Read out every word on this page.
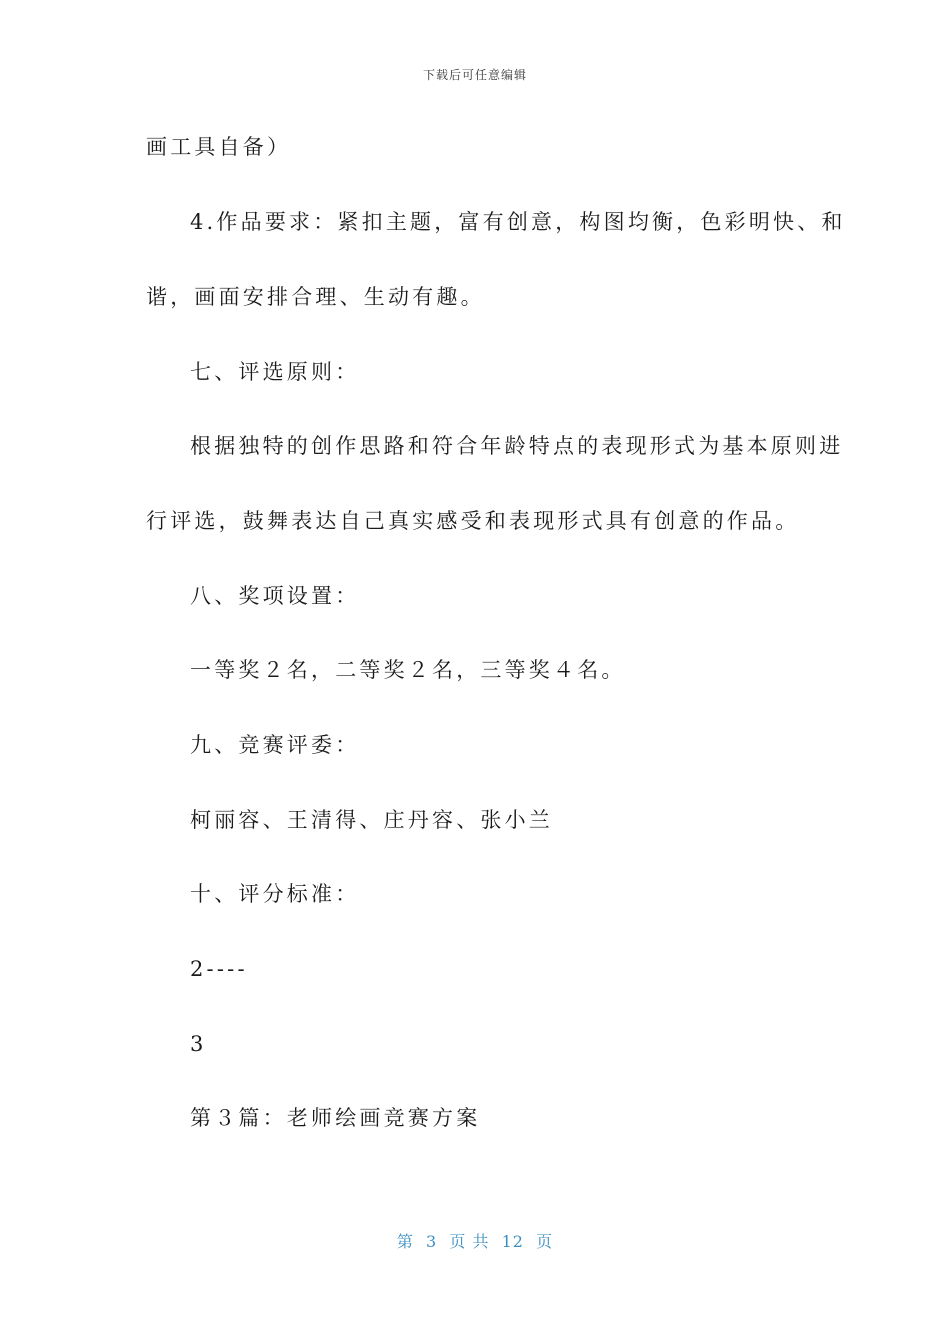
下载后可任意编辑
画工具自备）
4.作品要求：紧扣主题，富有创意，构图均衡，色彩明快、和
谐，画面安排合理、生动有趣。
七、评选原则：
根据独特的创作思路和符合年龄特点的表现形式为基本原则进
行评选，鼓舞表达自己真实感受和表现形式具有创意的作品。
八、奖项设置：
一等奖２名，二等奖２名，三等奖４名。
九、竞赛评委：
柯丽容、王清得、庄丹容、张小兰
十、评分标准：
2----
3
第３篇：老师绘画竞赛方案
第  3  页 共  12  页
